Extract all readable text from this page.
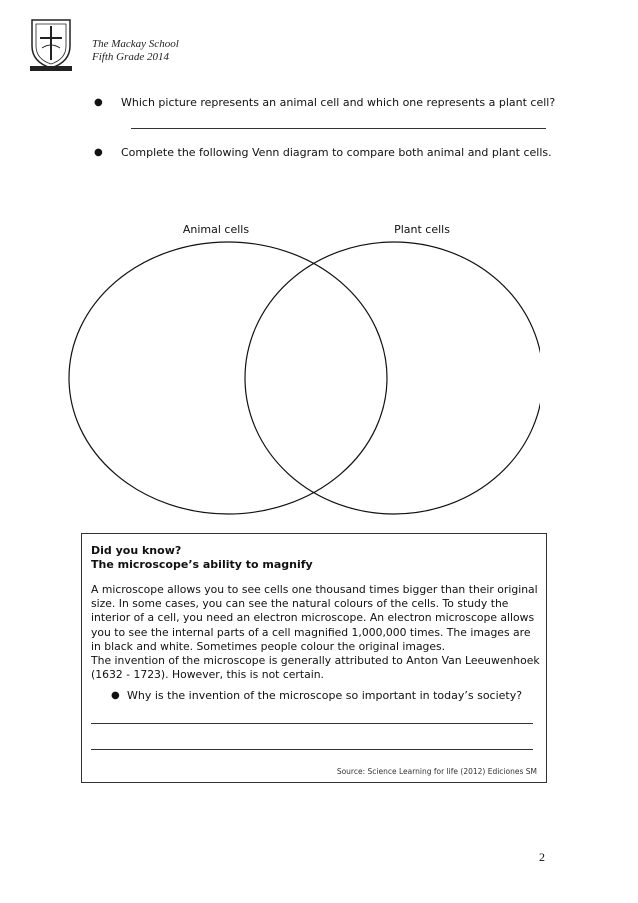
The Mackay School
Fifth Grade 2014
●	Which picture represents an animal cell and which one represents a plant cell?
●	Complete the following Venn diagram to compare both animal and plant cells.
Animal cells	Plant cells
Did you know?
The microscope’s ability to magnify

A microscope allows you to see cells one thousand times bigger than their original

size. In some cases, you can see the natural colours of the cells. To study the

interior of a cell, you need an electron microscope. An electron microscope allows

you to see the internal parts of a cell magnified 1,000,000 times. The images are

in black and white. Sometimes people colour the original images.

The invention of the microscope is generally attributed to Anton Van Leeuwenhoek

(1632 - 1723). However, this is not certain.

● Why is the invention of the microscope so important in today’s society?
Source: Science Learning for life (2012) Ediciones SM
2
